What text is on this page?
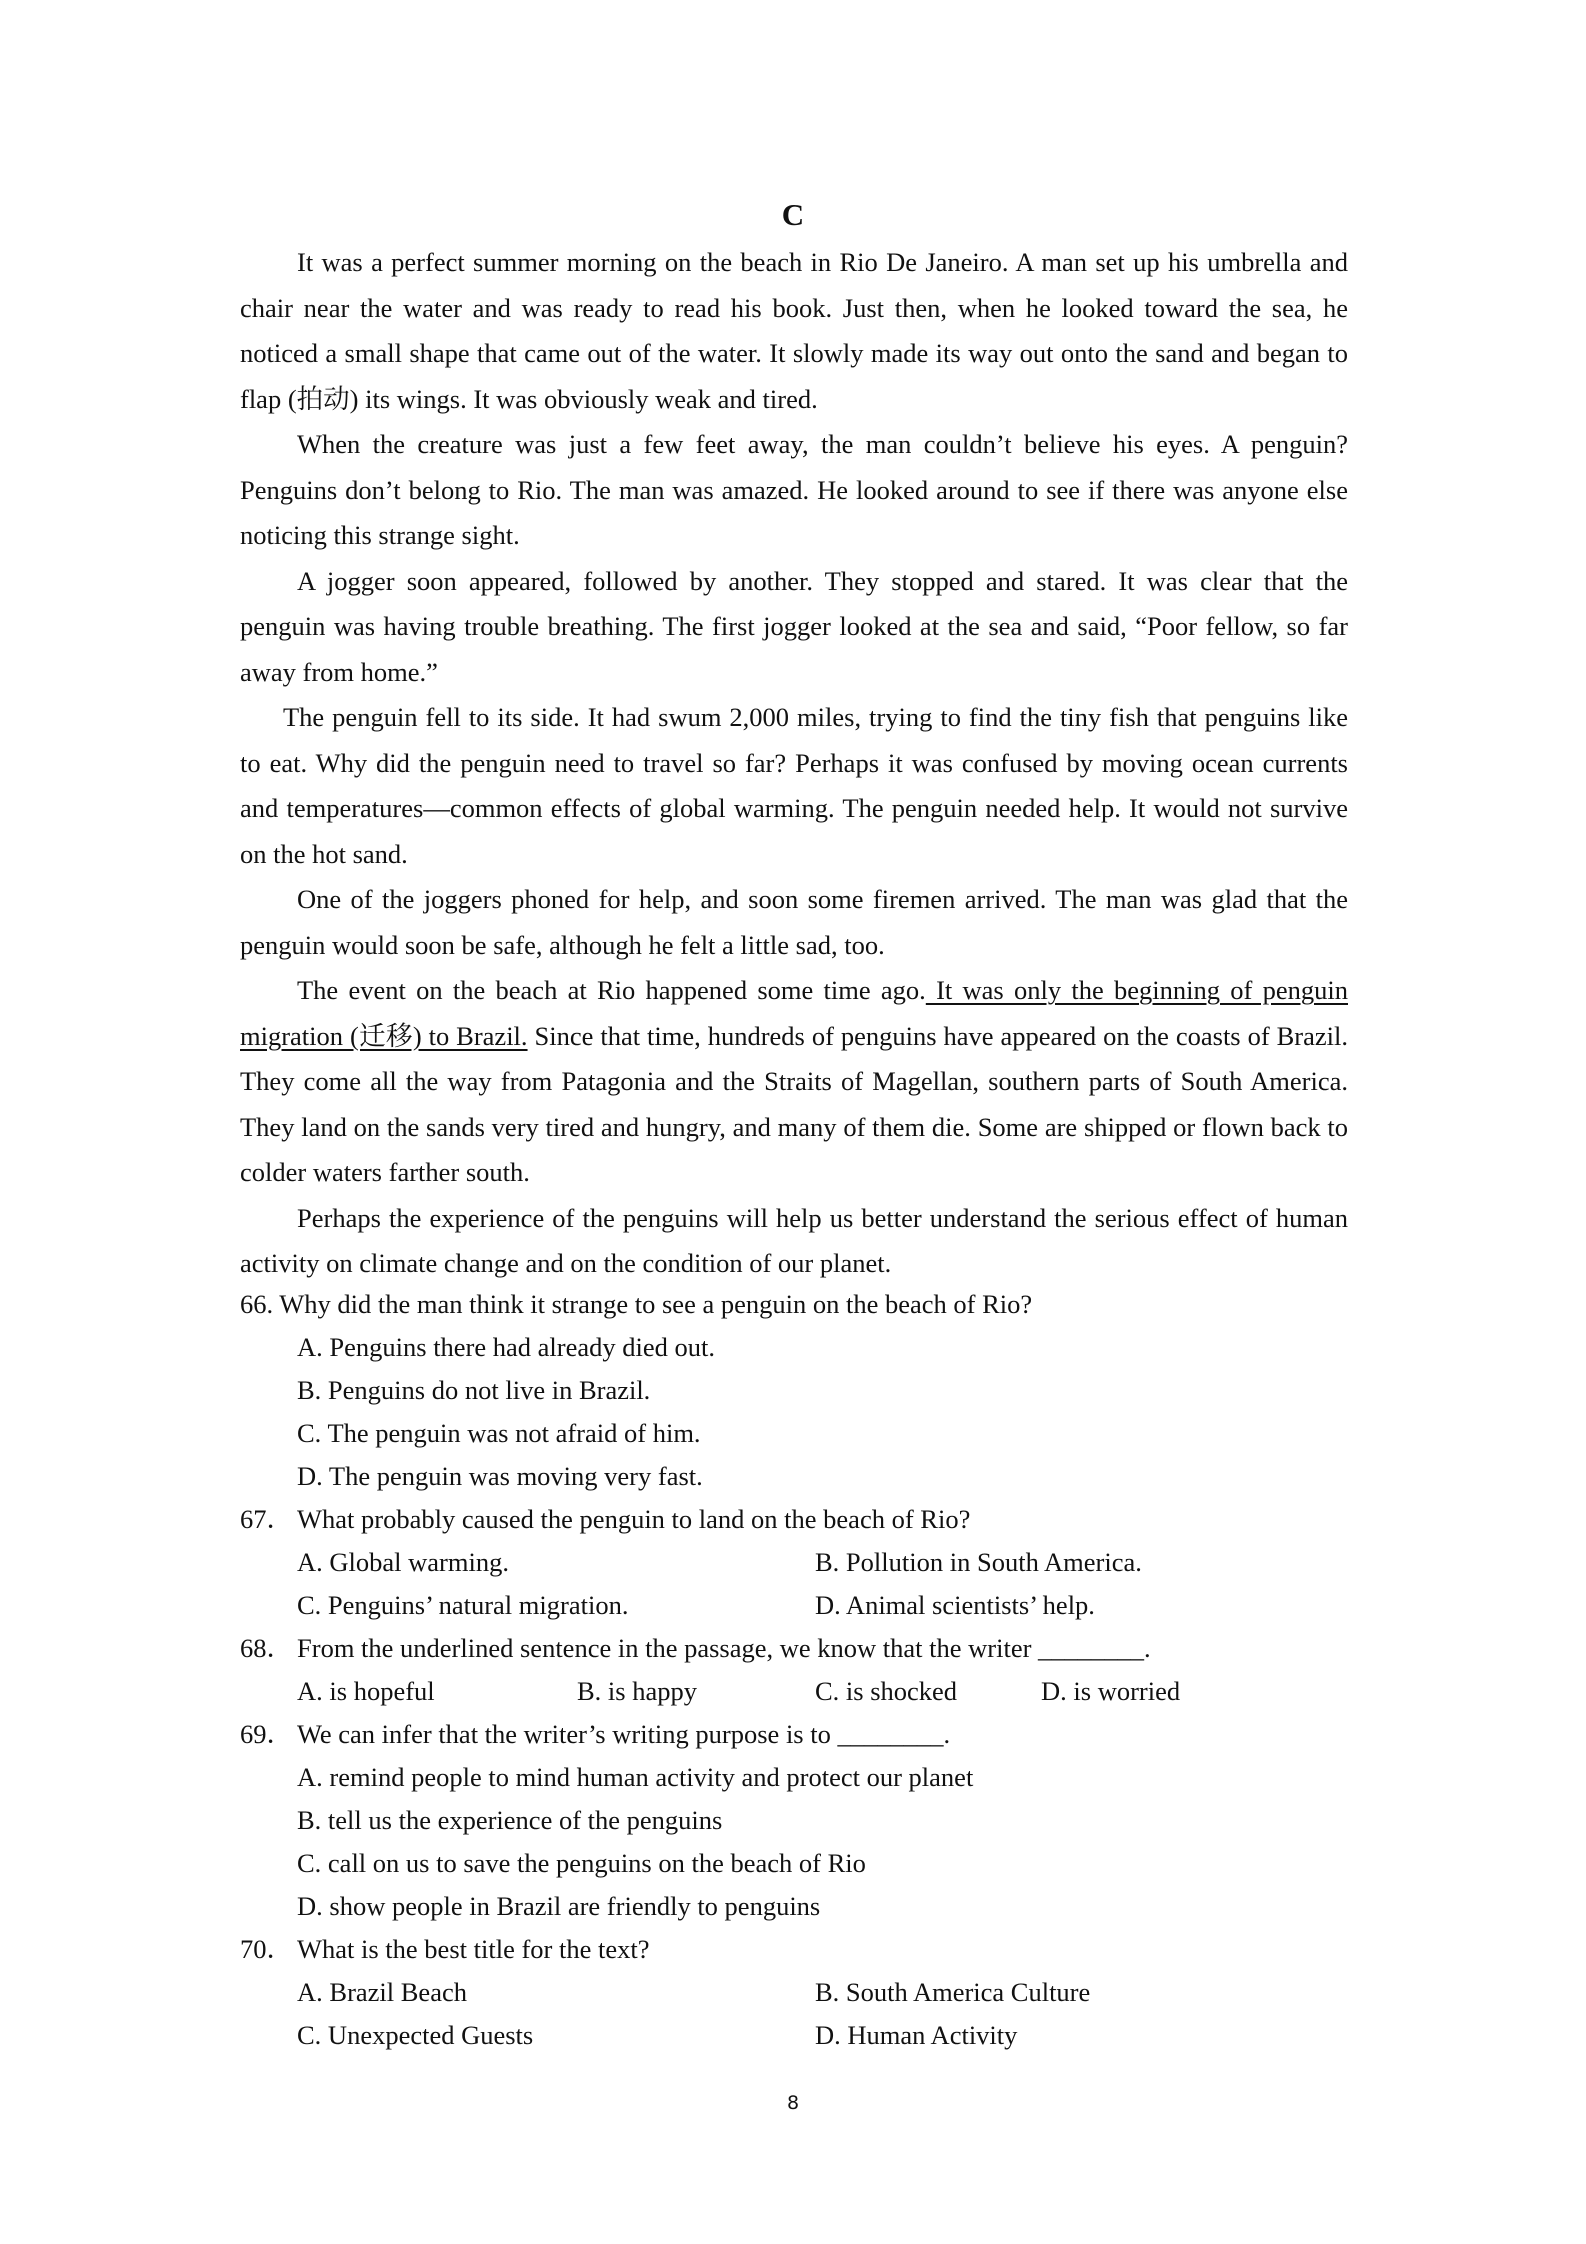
C

It was a perfect summer morning on the beach in Rio De Janeiro. A man set up his umbrella and chair near the water and was ready to read his book. Just then, when he looked toward the sea, he noticed a small shape that came out of the water. It slowly made its way out onto the sand and began to flap (拍动) its wings. It was obviously weak and tired.

When the creature was just a few feet away, the man couldn’t believe his eyes. A penguin? Penguins don’t belong to Rio. The man was amazed. He looked around to see if there was anyone else noticing this strange sight.

A jogger soon appeared, followed by another. They stopped and stared. It was clear that the penguin was having trouble breathing. The first jogger looked at the sea and said, “Poor fellow, so far away from home.”

The penguin fell to its side. It had swum 2,000 miles, trying to find the tiny fish that penguins like to eat. Why did the penguin need to travel so far? Perhaps it was confused by moving ocean currents and temperatures—common effects of global warming. The penguin needed help. It would not survive on the hot sand.

One of the joggers phoned for help, and soon some firemen arrived. The man was glad that the penguin would soon be safe, although he felt a little sad, too.

The event on the beach at Rio happened some time ago. It was only the beginning of penguin migration (迁移) to Brazil. Since that time, hundreds of penguins have appeared on the coasts of Brazil. They come all the way from Patagonia and the Straits of Magellan, southern parts of South America. They land on the sands very tired and hungry, and many of them die. Some are shipped or flown back to colder waters farther south.

Perhaps the experience of the penguins will help us better understand the serious effect of human activity on climate change and on the condition of our planet.

66. Why did the man think it strange to see a penguin on the beach of Rio?
A. Penguins there had already died out.
B. Penguins do not live in Brazil.
C. The penguin was not afraid of him.
D. The penguin was moving very fast.
67． What probably caused the penguin to land on the beach of Rio?
A. Global warming.	B. Pollution in South America.
C. Penguins’ natural migration.	D. Animal scientists’ help.
68． From the underlined sentence in the passage, we know that the writer ________.
A. is hopeful	B. is happy	C. is shocked	D. is worried
69． We can infer that the writer’s writing purpose is to ________.
A. remind people to mind human activity and protect our planet
B. tell us the experience of the penguins
C. call on us to save the penguins on the beach of Rio
D. show people in Brazil are friendly to penguins
70． What is the best title for the text?
A. Brazil Beach	B. South America Culture
C. Unexpected Guests	D. Human Activity
8
